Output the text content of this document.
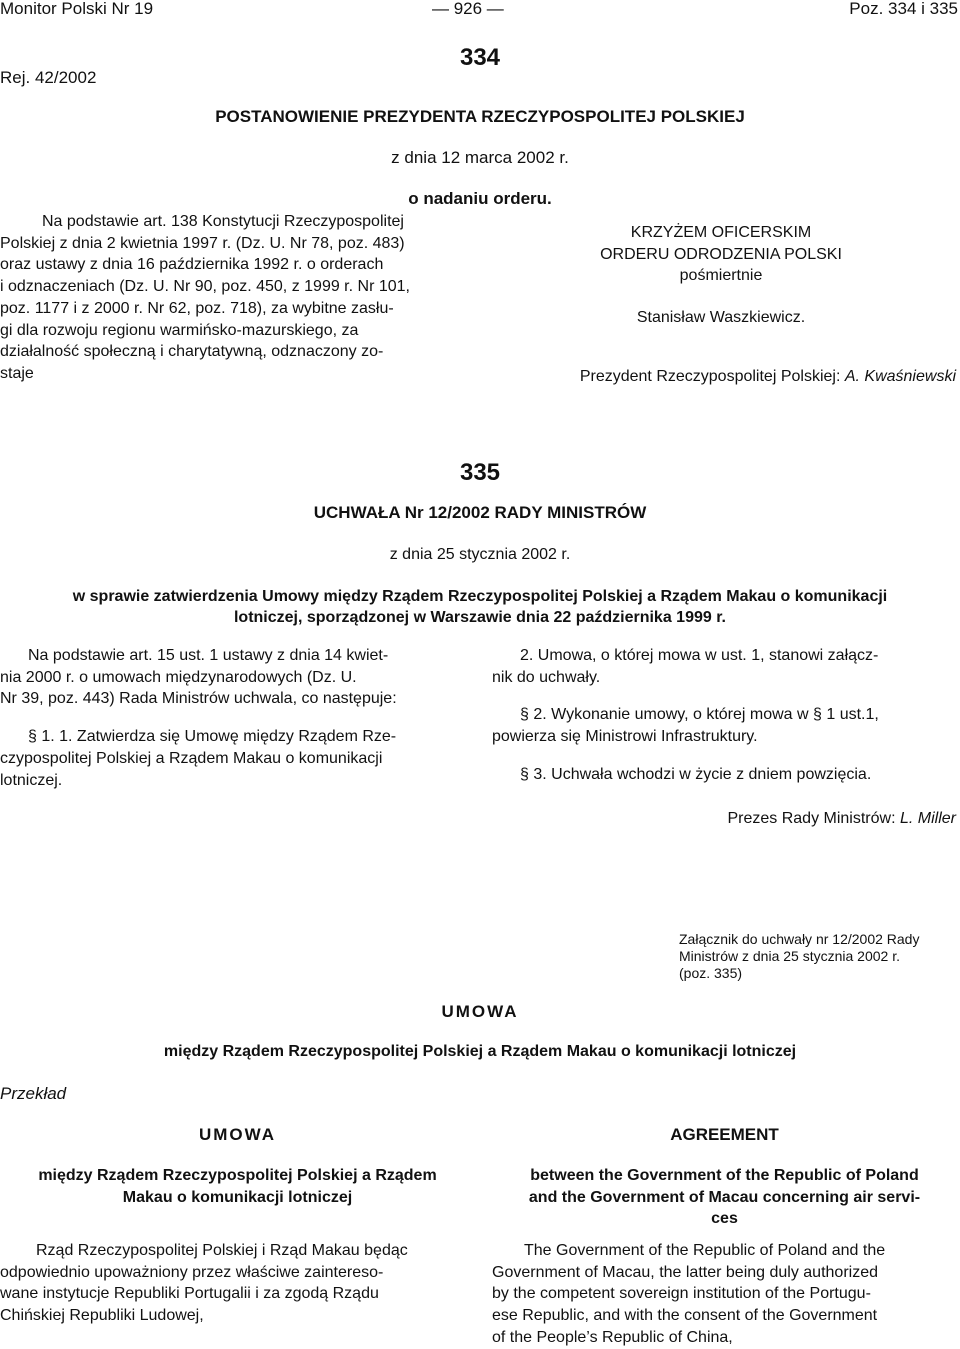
Monitor Polski Nr 19	— 926 —	Poz. 334 i 335
Rej. 42/2002
334
POSTANOWIENIE PREZYDENTA RZECZYPOSPOLITEJ POLSKIEJ
z dnia 12 marca 2002 r.
o nadaniu orderu.
Na podstawie art. 138 Konstytucji Rzeczypospolitej
Polskiej z dnia 2 kwietnia 1997 r. (Dz. U. Nr 78, poz. 483)
oraz ustawy z dnia 16 października 1992 r. o orderach
i odznaczeniach (Dz. U. Nr 90, poz. 450, z 1999 r. Nr 101,
poz. 1177 i z 2000 r. Nr 62, poz. 718), za wybitne zasłu-
gi dla rozwoju regionu warmińsko-mazurskiego, za
działalność społeczną i charytatywną, odznaczony zo-
staje
KRZYŻEM OFICERSKIM
ORDERU ODRODZENIA POLSKI
pośmiertnie
Stanisław Waszkiewicz.
Prezydent Rzeczypospolitej Polskiej: A. Kwaśniewski
335
UCHWAŁA Nr 12/2002 RADY MINISTRÓW
z dnia 25 stycznia 2002 r.
w sprawie zatwierdzenia Umowy między Rządem Rzeczypospolitej Polskiej a Rządem Makau o komunikacji
lotniczej, sporządzonej w Warszawie dnia 22 października 1999 r.
Na podstawie art. 15 ust. 1 ustawy z dnia 14 kwiet-
nia 2000 r. o umowach międzynarodowych (Dz. U.
Nr 39, poz. 443) Rada Ministrów uchwala, co następuje:
§ 1. 1. Zatwierdza się Umowę między Rządem Rze-
czypospolitej Polskiej a Rządem Makau o komunikacji
lotniczej.
2. Umowa, o której mowa w ust. 1, stanowi załącz-
nik do uchwały.
§ 2. Wykonanie umowy, o której mowa w § 1 ust.1,
powierza się Ministrowi Infrastruktury.
§ 3. Uchwała wchodzi w życie z dniem powzięcia.
Prezes Rady Ministrów: L. Miller
Załącznik do uchwały nr 12/2002 Rady
Ministrów z dnia 25 stycznia 2002 r.
(poz. 335)
UMOWA
między Rządem Rzeczypospolitej Polskiej a Rządem Makau o komunikacji lotniczej
Przekład
UMOWA
między Rządem Rzeczypospolitej Polskiej a Rządem
Makau o komunikacji lotniczej
Rząd Rzeczypospolitej Polskiej i Rząd Makau będąc
odpowiednio upoważniony przez właściwe zaintereso-
wane instytucje Republiki Portugalii i za zgodą Rządu
Chińskiej Republiki Ludowej,
AGREEMENT
between the Government of the Republic of Poland
and the Government of Macau concerning air servi-
ces
The Government of the Republic of Poland and the
Government of Macau, the latter being duly authorized
by the competent sovereign institution of the Portugu-
ese Republic, and with the consent of the Government
of the People’s Republic of China,
